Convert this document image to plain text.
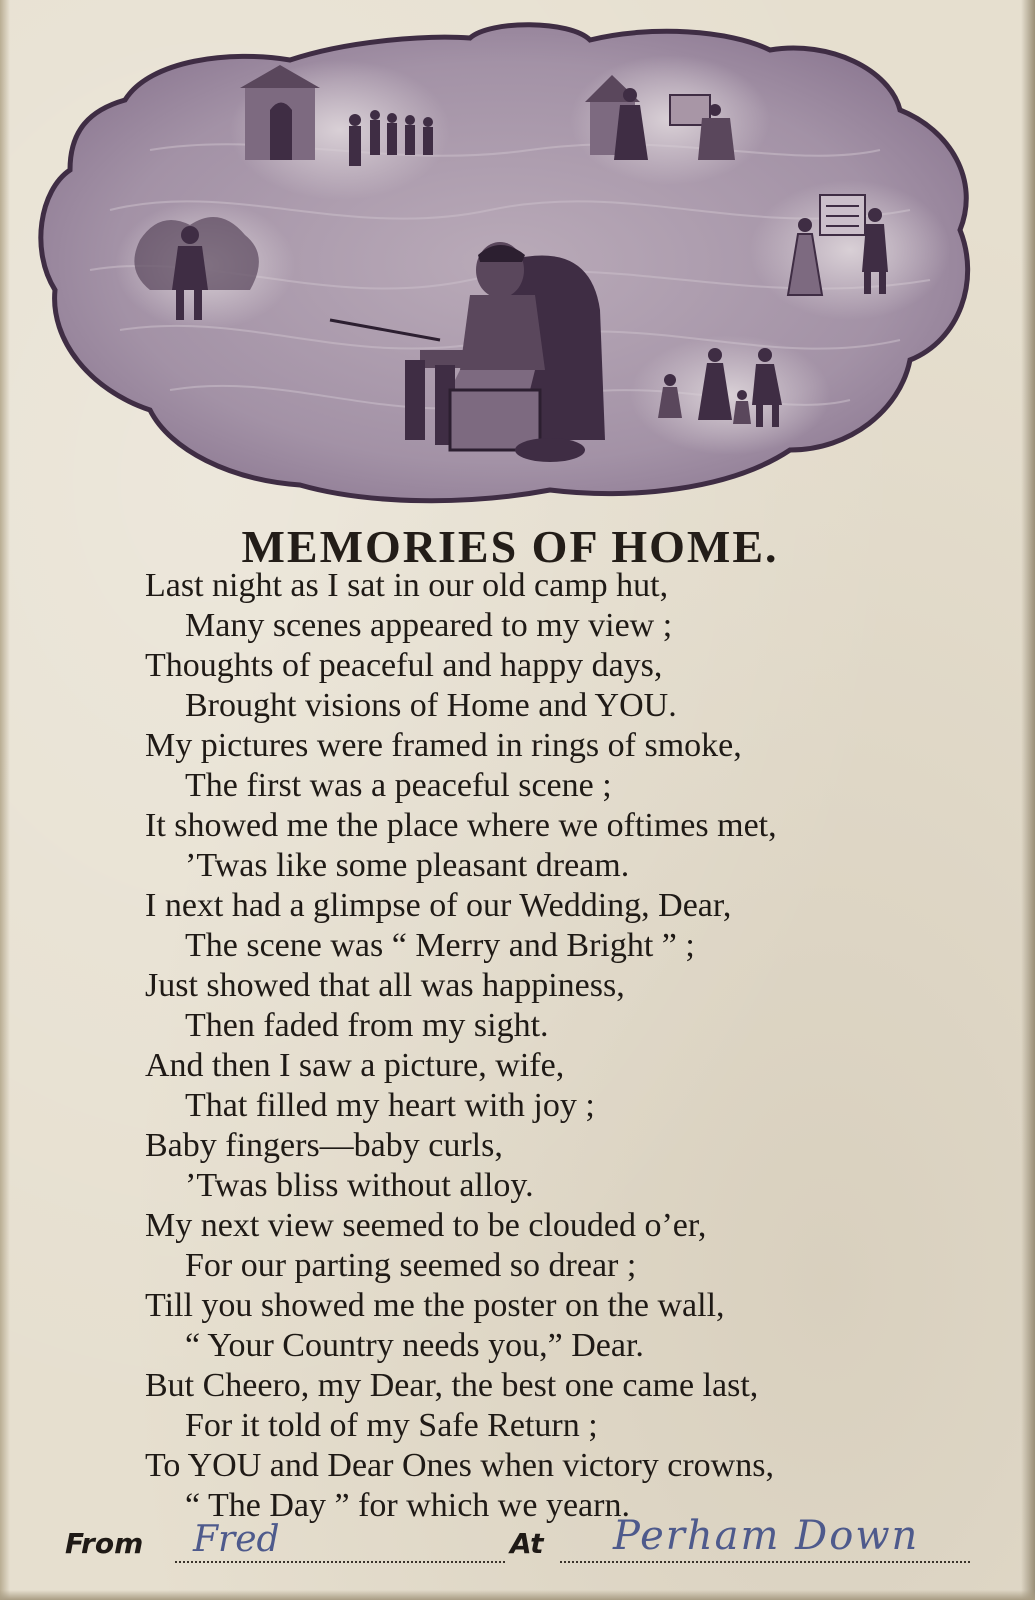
MEMORIES OF HOME.
Last night as I sat in our old camp hut,
Many scenes appeared to my view ;
Thoughts of peaceful and happy days,
Brought visions of Home and YOU.
My pictures were framed in rings of smoke,
The first was a peaceful scene ;
It showed me the place where we oftimes met,
’Twas like some pleasant dream.
I next had a glimpse of our Wedding, Dear,
The scene was “ Merry and Bright ” ;
Just showed that all was happiness,
Then faded from my sight.
And then I saw a picture, wife,
That filled my heart with joy ;
Baby fingers—baby curls,
’Twas bliss without alloy.
My next view seemed to be clouded o’er,
For our parting seemed so drear ;
Till you showed me the poster on the wall,
“ Your Country needs you,” Dear.
But Cheero, my Dear, the best one came last,
For it told of my Safe Return ;
To YOU and Dear Ones when victory crowns,
“ The Day ” for which we yearn.
From Fred	At Perham Down
